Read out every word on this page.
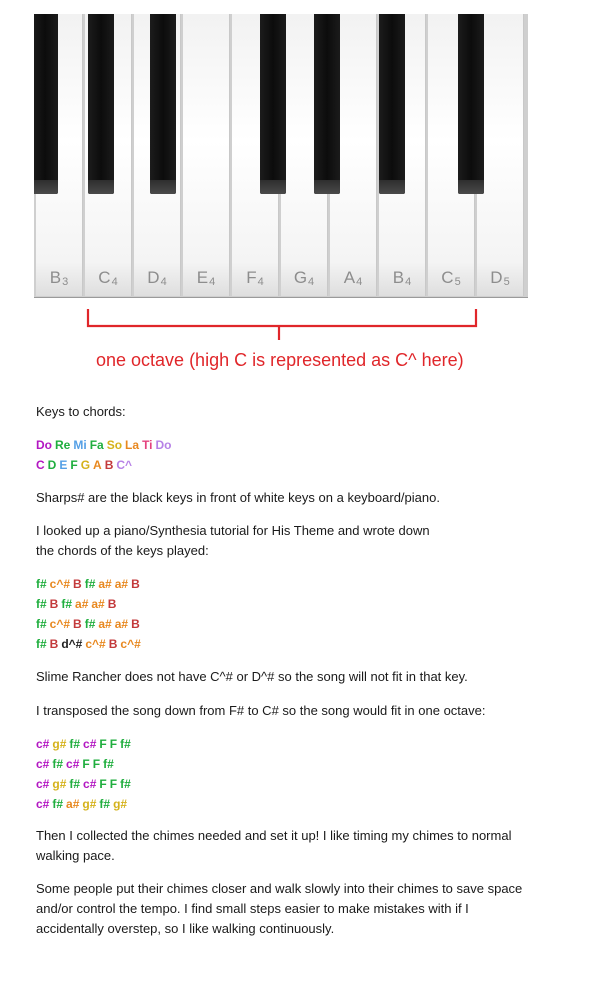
$B_3$	$C_4$	$D_4$	$E_4$	$F_4$	$G_4$	$A_4$	$B_4$	$C_5$	$D_5$
one octave (high C is represented as C^ here)
Keys to chords:
Do Re Mi Fa So La Ti Do
C D E F G A B C^
Sharps# are the black keys in front of white keys on a keyboard/piano.
I looked up a piano/Synthesia tutorial for His Theme and wrote down
the chords of the keys played:
f# c^# B f# a# a# B
f# B f# a# a# B
f# c^# B f# a# a# B
f# B d^# c^# B c^#
Slime Rancher does not have C^# or D^# so the song will not fit in that key.
I transposed the song down from F# to C# so the song would fit in one octave:
c# g# f# c# F F f#
c# f# c# F F f#
c# g# f# c# F F f#
c# f# a# g# f# g#
Then I collected the chimes needed and set it up! I like timing my chimes to normal
walking pace.
Some people put their chimes closer and walk slowly into their chimes to save space
and/or control the tempo. I find small steps easier to make mistakes with if I
accidentally overstep, so I like walking continuously.
